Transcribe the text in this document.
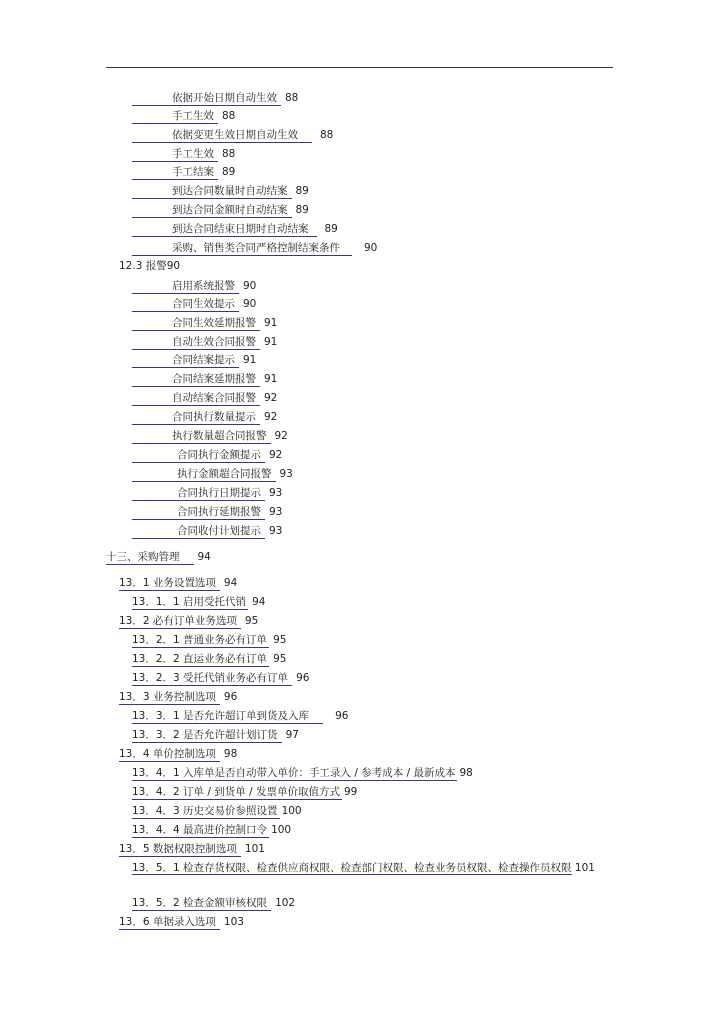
依据开始日期自动生效 88
手工生效 88
依据变更生效日期自动生效 88
手工生效 88
手工结案 89
到达合同数量时自动结案 89
到达合同金额时自动结案 89
到达合同结束日期时自动结案 89
采购、销售类合同严格控制结案条件 90
12.3 报警90
启用系统报警 90
合同生效提示 90
合同生效延期报警 91
自动生效合同报警 91
合同结案提示 91
合同结案延期报警 91
自动结案合同报警 92
合同执行数量提示 92
执行数量超合同报警 92
合同执行金额提示 92
执行金额超合同报警 93
合同执行日期提示 93
合同执行延期报警 93
合同收付计划提示 93
十三、采购管理 94
13．1 业务设置选项 94
13．1．1 启用受托代销 94
13．2 必有订单业务选项 95
13．2．1 普通业务必有订单 95
13．2．2 直运业务必有订单 95
13．2．3 受托代销业务必有订单 96
13．3 业务控制选项 96
13．3．1 是否允许超订单到货及入库 96
13．3．2 是否允许超计划订货 97
13．4 单价控制选项 98
13．4．1 入库单是否自动带入单价：手工录入 / 参考成本 / 最新成本 98
13．4．2 订单 / 到货单 / 发票单价取值方式 99
13．4．3 历史交易价参照设置 100
13．4．4 最高进价控制口令 100
13．5 数据权限控制选项 101
13．5．1 检查存货权限、检查供应商权限、检查部门权限、检查业务员权限、检查操作员权限 101
13．5．2 检查金额审核权限 102
13．6 单据录入选项 103
